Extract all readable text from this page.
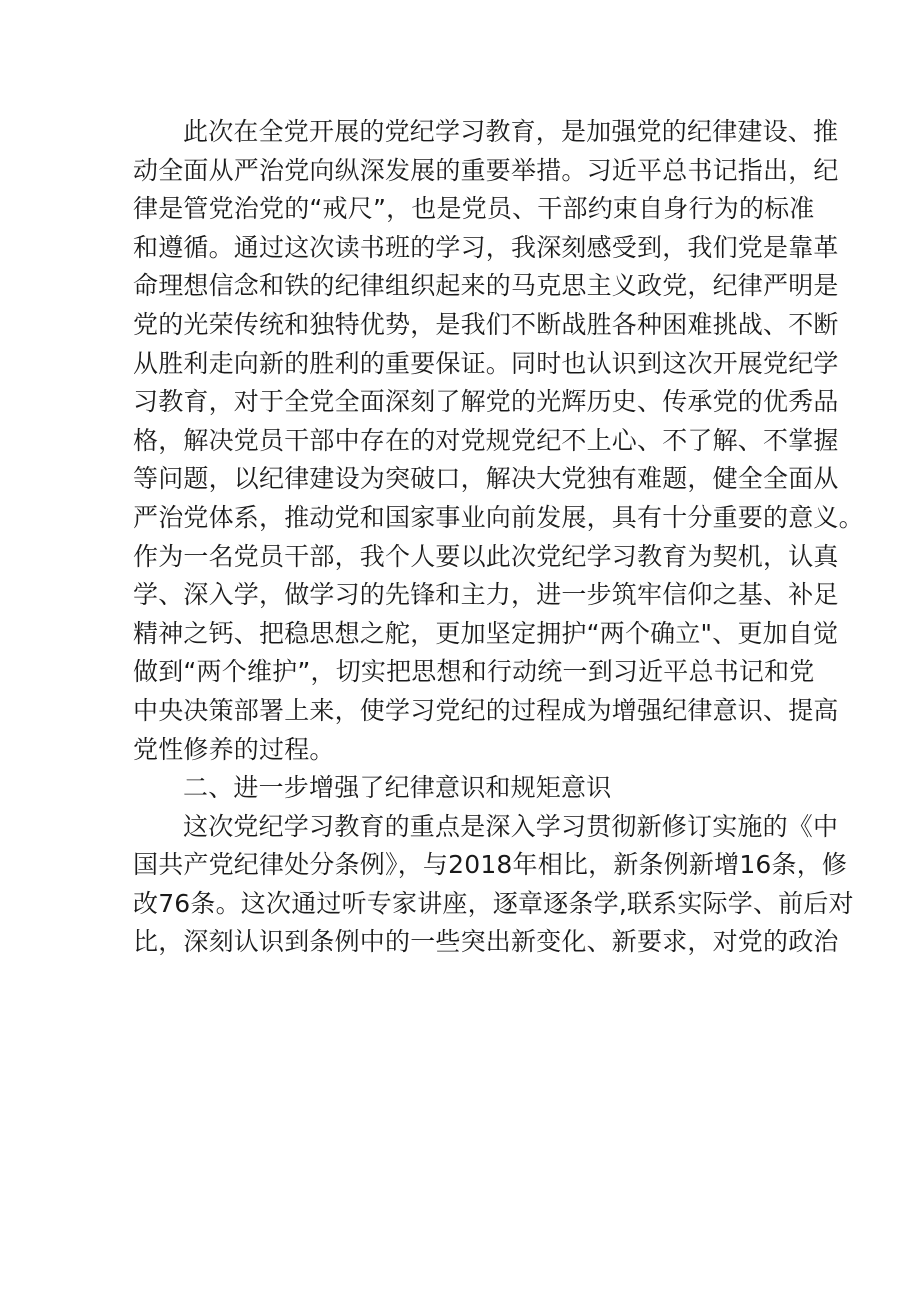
此次在全党开展的党纪学习教育，是加强党的纪律建设、推
动全面从严治党向纵深发展的重要举措。习近平总书记指出，纪
律是管党治党的“戒尺”，也是党员、干部约束自身行为的标准
和遵循。通过这次读书班的学习，我深刻感受到，我们党是靠革
命理想信念和铁的纪律组织起来的马克思主义政党，纪律严明是
党的光荣传统和独特优势，是我们不断战胜各种困难挑战、不断
从胜利走向新的胜利的重要保证。同时也认识到这次开展党纪学
习教育，对于全党全面深刻了解党的光辉历史、传承党的优秀品
格，解决党员干部中存在的对党规党纪不上心、不了解、不掌握
等问题，以纪律建设为突破口，解决大党独有难题，健全全面从
严治党体系，推动党和国家事业向前发展，具有十分重要的意义。
作为一名党员干部，我个人要以此次党纪学习教育为契机，认真
学、深入学，做学习的先锋和主力，进一步筑牢信仰之基、补足
精神之钙、把稳思想之舵，更加坚定拥护“两个确立"、更加自觉
做到“两个维护”，切实把思想和行动统一到习近平总书记和党
中央决策部署上来，使学习党纪的过程成为增强纪律意识、提高
党性修养的过程。
二、进一步增强了纪律意识和规矩意识
这次党纪学习教育的重点是深入学习贯彻新修订实施的《中
国共产党纪律处分条例》，与2018年相比，新条例新增16条，修
改76条。这次通过听专家讲座，逐章逐条学,联系实际学、前后对
比，深刻认识到条例中的一些突出新变化、新要求，对党的政治
